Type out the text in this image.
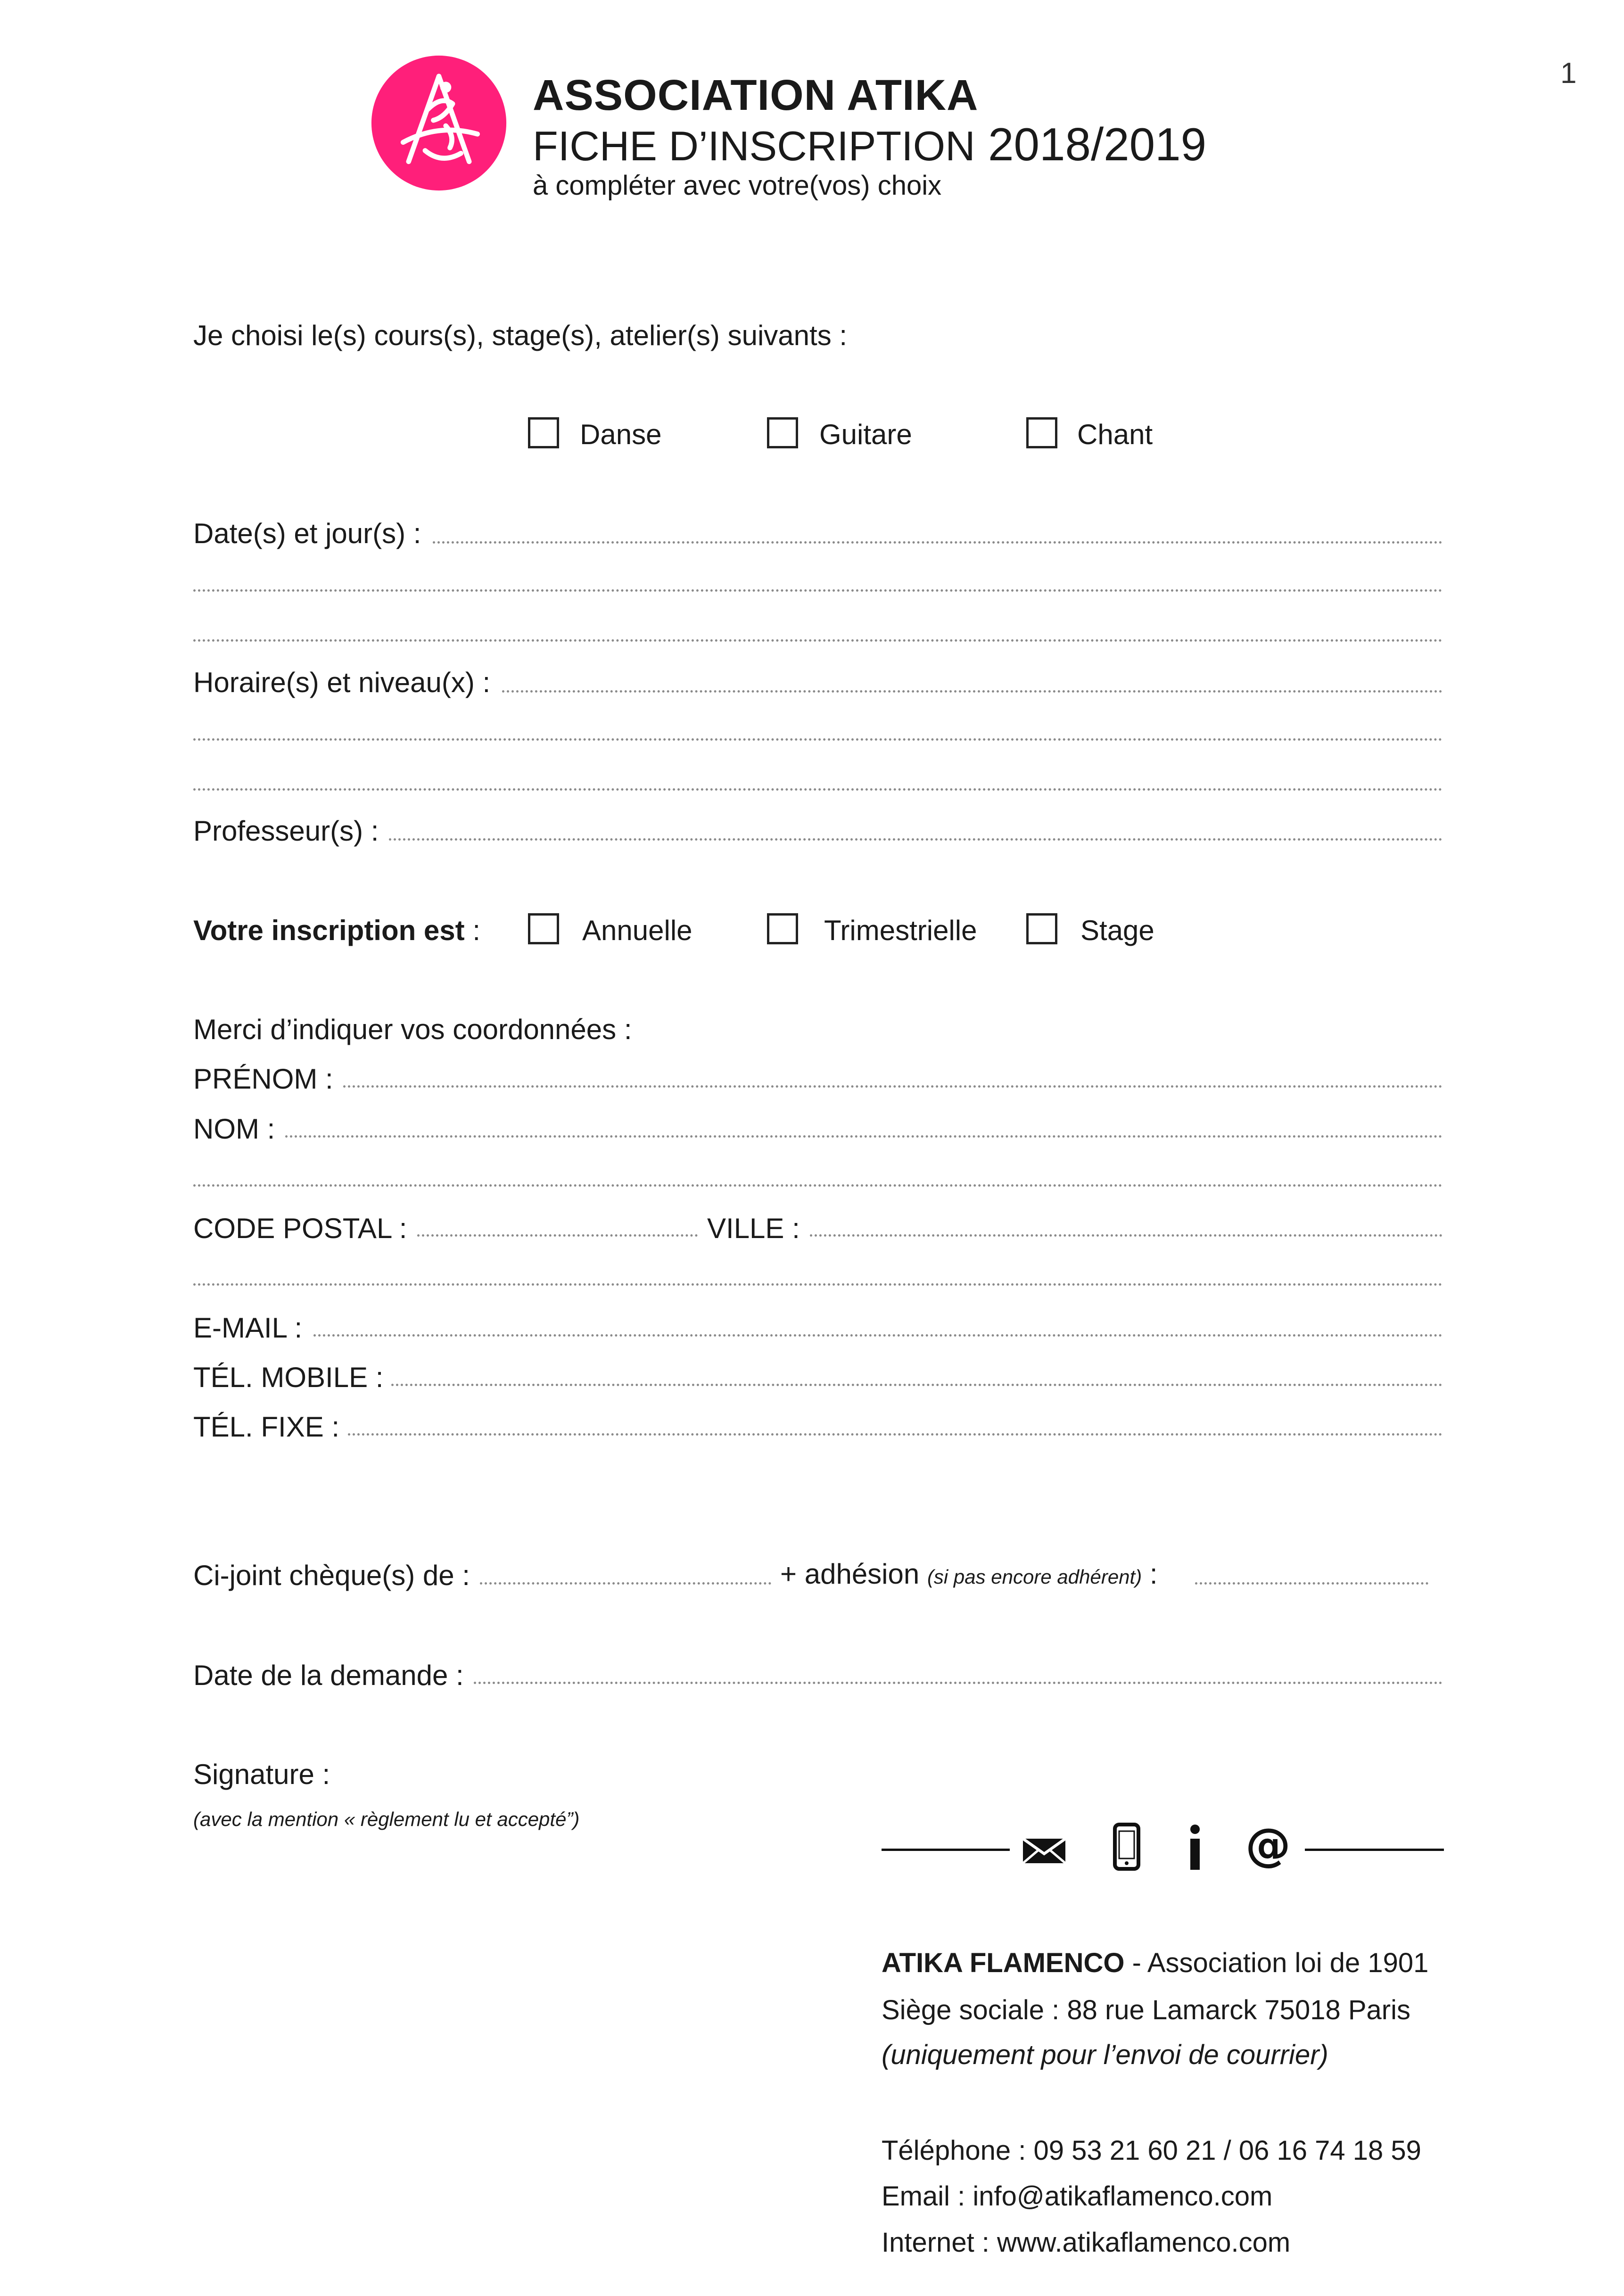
1
ASSOCIATION ATIKA
FICHE D’INSCRIPTION 2018/2019
à compléter avec votre(vos) choix
Je choisi le(s) cours(s), stage(s), atelier(s) suivants :
Danse	Guitare	Chant
Date(s) et jour(s) :
Horaire(s) et niveau(x) :
Professeur(s) :
Votre inscription est :	Annuelle	Trimestrielle	Stage
Merci d’indiquer vos coordonnées :
PRÉNOM :
NOM :
CODE POSTAL :	VILLE :
E-MAIL :
TÉL. MOBILE :
TÉL. FIXE :
Ci-joint chèque(s) de :	+ adhésion (si pas encore adhérent) :
Date de la demande :
Signature :
(avec la mention « règlement lu et accepté”)	@
ATIKA FLAMENCO - Association loi de 1901
Siège sociale : 88 rue Lamarck 75018 Paris
(uniquement pour l’envoi de courrier)
Téléphone : 09 53 21 60 21 / 06 16 74 18 59
Email : info@atikaflamenco.com
Internet : www.atikaflamenco.com
